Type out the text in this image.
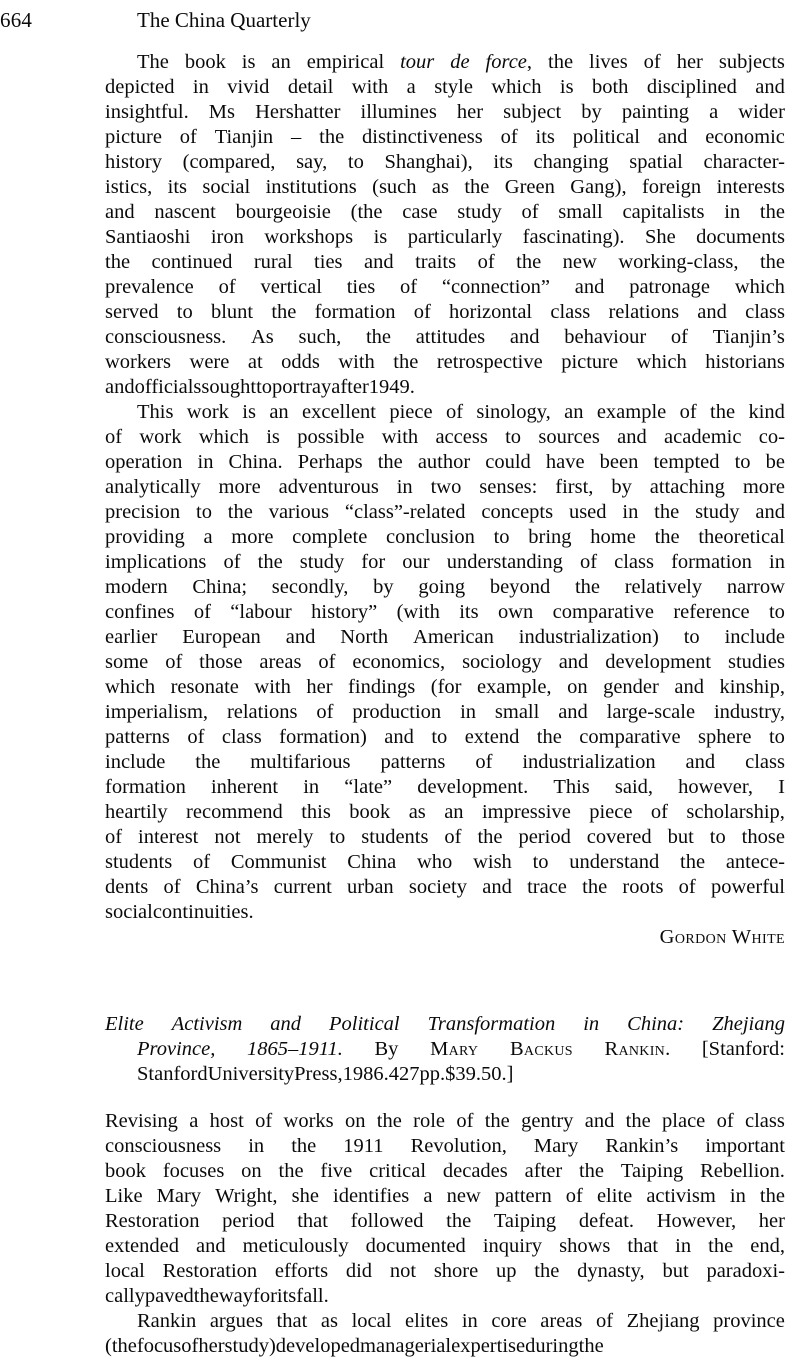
664	The China Quarterly
The book is an empirical tour de force, the lives of her subjects
depicted in vivid detail with a style which is both disciplined and
insightful. Ms Hershatter illumines her subject by painting a wider
picture of Tianjin – the distinctiveness of its political and economic
history (compared, say, to Shanghai), its changing spatial character-
istics, its social institutions (such as the Green Gang), foreign interests
and nascent bourgeoisie (the case study of small capitalists in the
Santiaoshi iron workshops is particularly fascinating). She documents
the continued rural ties and traits of the new working-class, the
prevalence of vertical ties of “connection” and patronage which
served to blunt the formation of horizontal class relations and class
consciousness. As such, the attitudes and behaviour of Tianjin’s
workers were at odds with the retrospective picture which historians
and officials sought to portray after 1949.
This work is an excellent piece of sinology, an example of the kind
of work which is possible with access to sources and academic co-
operation in China. Perhaps the author could have been tempted to be
analytically more adventurous in two senses: first, by attaching more
precision to the various “class”-related concepts used in the study and
providing a more complete conclusion to bring home the theoretical
implications of the study for our understanding of class formation in
modern China; secondly, by going beyond the relatively narrow
confines of “labour history” (with its own comparative reference to
earlier European and North American industrialization) to include
some of those areas of economics, sociology and development studies
which resonate with her findings (for example, on gender and kinship,
imperialism, relations of production in small and large-scale industry,
patterns of class formation) and to extend the comparative sphere to
include the multifarious patterns of industrialization and class
formation inherent in “late” development. This said, however, I
heartily recommend this book as an impressive piece of scholarship,
of interest not merely to students of the period covered but to those
students of Communist China who wish to understand the antece-
dents of China’s current urban society and trace the roots of powerful
social continuities.
Gordon White
Elite Activism and Political Transformation in China: Zhejiang
Province, 1865–1911. By Mary Backus Rankin. [Stanford:
Stanford University Press, 1986. 427 pp. $39.50.]
Revising a host of works on the role of the gentry and the place of class
consciousness in the 1911 Revolution, Mary Rankin’s important
book focuses on the five critical decades after the Taiping Rebellion.
Like Mary Wright, she identifies a new pattern of elite activism in the
Restoration period that followed the Taiping defeat. However, her
extended and meticulously documented inquiry shows that in the end,
local Restoration efforts did not shore up the dynasty, but paradoxi-
cally paved the way for its fall.
Rankin argues that as local elites in core areas of Zhejiang province
(the focus of her study) developed managerial expertise during the
